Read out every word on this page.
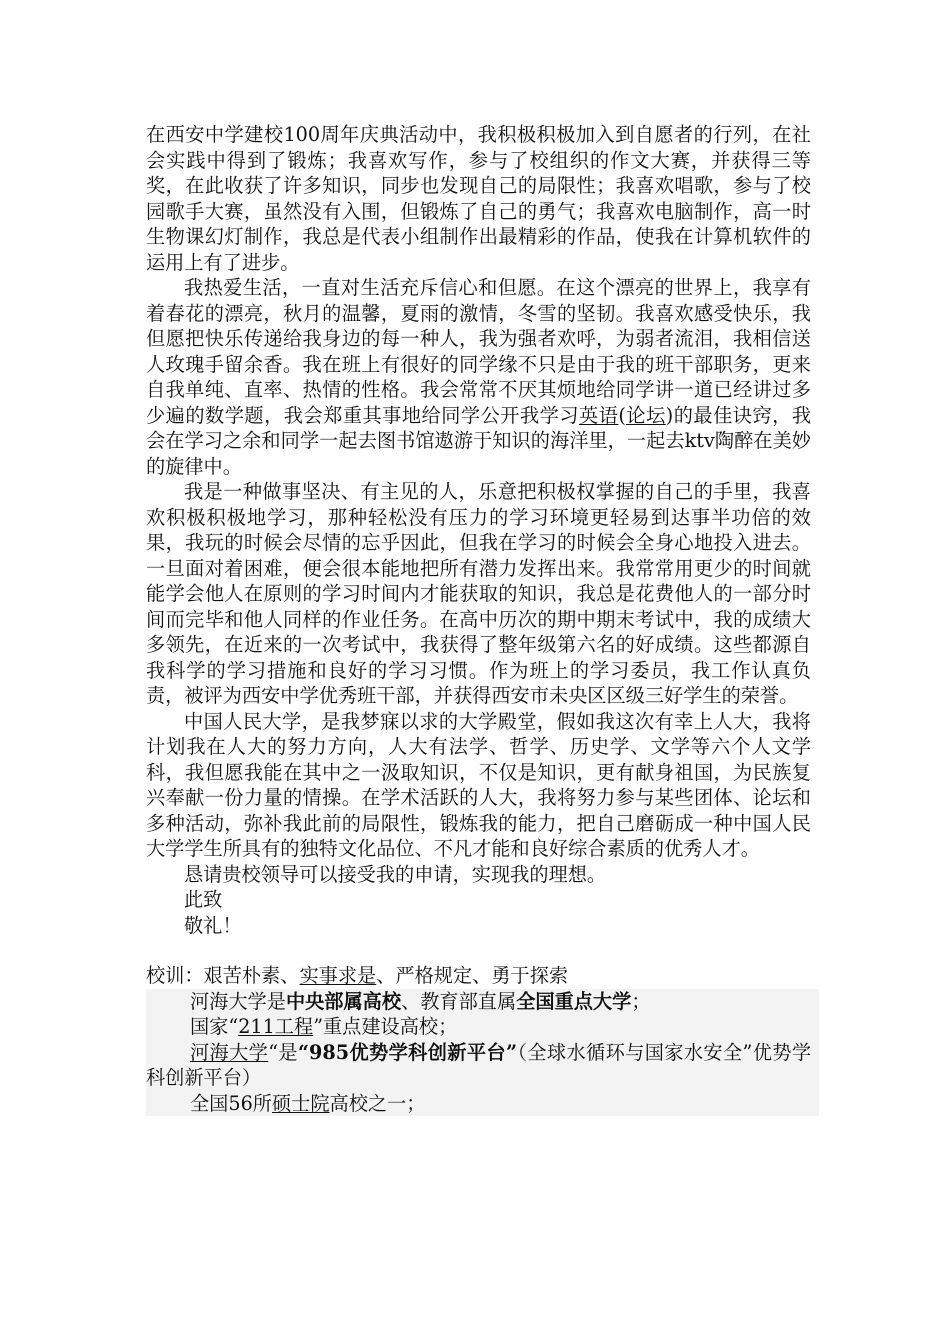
在西安中学建校100周年庆典活动中，我积极积极加入到自愿者的行列，在社会实践中得到了锻炼；我喜欢写作，参与了校组织的作文大赛，并获得三等奖，在此收获了许多知识，同步也发现自己的局限性；我喜欢唱歌，参与了校园歌手大赛，虽然没有入围，但锻炼了自己的勇气；我喜欢电脑制作，高一时生物课幻灯制作，我总是代表小组制作出最精彩的作品，使我在计算机软件的运用上有了进步。

我热爱生活，一直对生活充斥信心和但愿。在这个漂亮的世界上，我享有着春花的漂亮，秋月的温馨，夏雨的激情，冬雪的坚韧。我喜欢感受快乐，我但愿把快乐传递给我身边的每一种人，我为强者欢呼，为弱者流泪，我相信送人玫瑰手留余香。我在班上有很好的同学缘不只是由于我的班干部职务，更来自我单纯、直率、热情的性格。我会常常不厌其烦地给同学讲一道已经讲过多少遍的数学题，我会郑重其事地给同学公开我学习英语(论坛)的最佳诀窍，我会在学习之余和同学一起去图书馆遨游于知识的海洋里，一起去ktv陶醉在美妙的旋律中。

我是一种做事坚决、有主见的人，乐意把积极权掌握的自己的手里，我喜欢积极积极地学习，那种轻松没有压力的学习环境更轻易到达事半功倍的效果，我玩的时候会尽情的忘乎因此，但我在学习的时候会全身心地投入进去。一旦面对着困难，便会很本能地把所有潜力发挥出来。我常常用更少的时间就能学会他人在原则的学习时间内才能获取的知识，我总是花费他人的一部分时间而完毕和他人同样的作业任务。在高中历次的期中期末考试中，我的成绩大多领先，在近来的一次考试中，我获得了整年级第六名的好成绩。这些都源自我科学的学习措施和良好的学习习惯。作为班上的学习委员，我工作认真负责，被评为西安中学优秀班干部，并获得西安市未央区区级三好学生的荣誉。

中国人民大学，是我梦寐以求的大学殿堂，假如我这次有幸上人大，我将计划我在人大的努力方向，人大有法学、哲学、历史学、文学等六个人文学科，我但愿我能在其中之一汲取知识，不仅是知识，更有献身祖国，为民族复兴奉献一份力量的情操。在学术活跃的人大，我将努力参与某些团体、论坛和多种活动，弥补我此前的局限性，锻炼我的能力，把自己磨砺成一种中国人民大学学生所具有的独特文化品位、不凡才能和良好综合素质的优秀人才。

恳请贵校领导可以接受我的申请，实现我的理想。

此致

敬礼！

校训：艰苦朴素、实事求是、严格规定、勇于探索

河海大学是中央部属高校、教育部直属全国重点大学；

国家“211工程”重点建设高校；

河海大学“是“985优势学科创新平台”（全球水循环与国家水安全”优势学科创新平台）

全国56所硕士院高校之一；
